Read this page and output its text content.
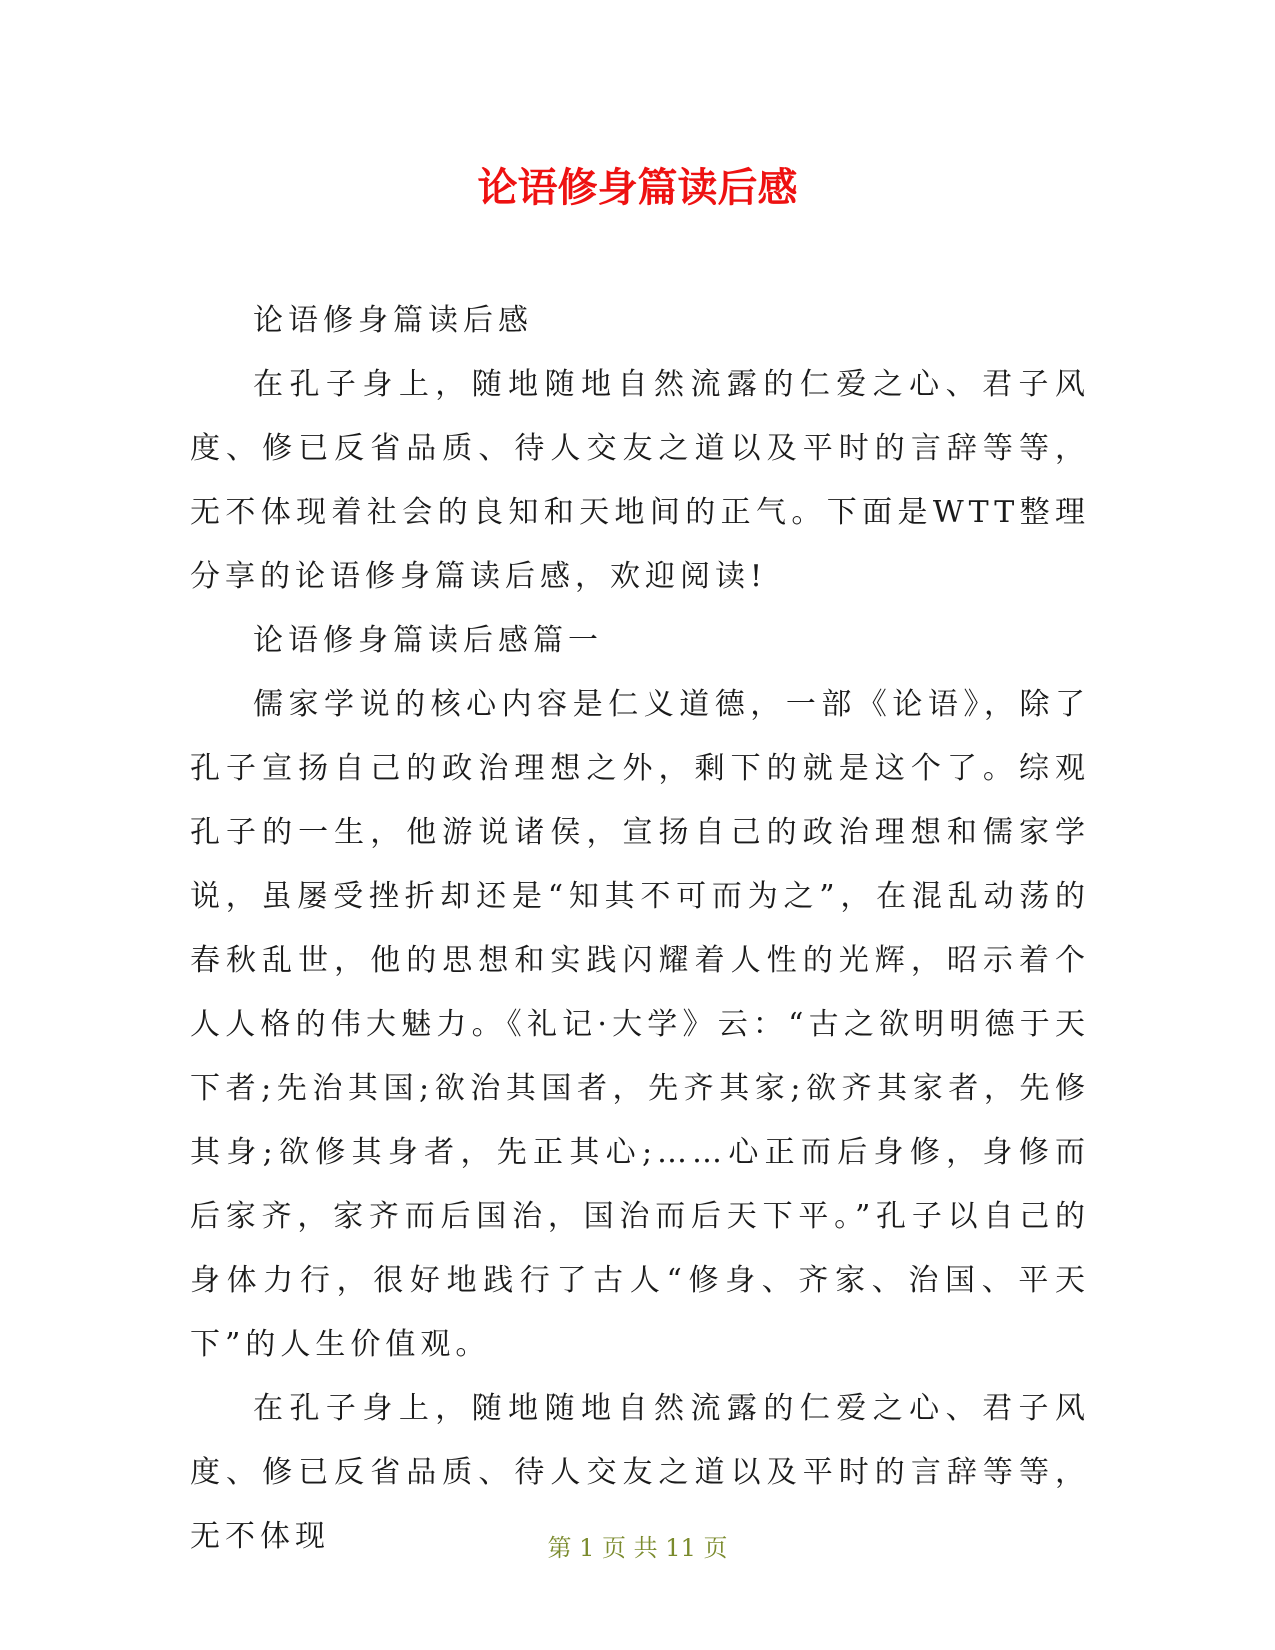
论语修身篇读后感

论语修身篇读后感

在孔子身上，随地随地自然流露的仁爱之心、君子风度、修已反省品质、待人交友之道以及平时的言辞等等，无不体现着社会的良知和天地间的正气。下面是WTT整理分享的论语修身篇读后感，欢迎阅读!

论语修身篇读后感篇一

儒家学说的核心内容是仁义道德，一部《论语》，除了孔子宣扬自己的政治理想之外，剩下的就是这个了。综观孔子的一生，他游说诸侯，宣扬自己的政治理想和儒家学说，虽屡受挫折却还是“知其不可而为之”，在混乱动荡的春秋乱世，他的思想和实践闪耀着人性的光辉，昭示着个人人格的伟大魅力。《礼记·大学》云：“古之欲明明德于天下者;先治其国;欲治其国者，先齐其家;欲齐其家者，先修其身;欲修其身者，先正其心;……心正而后身修，身修而后家齐，家齐而后国治，国治而后天下平。”孔子以自己的身体力行，很好地践行了古人“修身、齐家、治国、平天下”的人生价值观。

在孔子身上，随地随地自然流露的仁爱之心、君子风度、修已反省品质、待人交友之道以及平时的言辞等等，无不体现	第 1 页 共 11 页
